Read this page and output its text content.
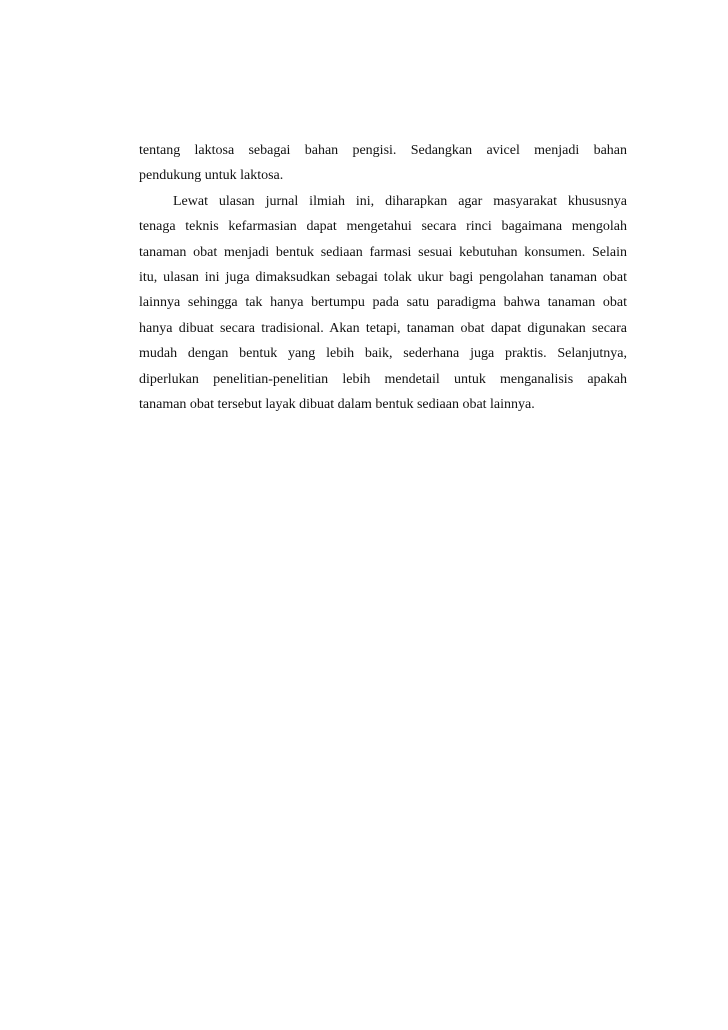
tentang laktosa sebagai bahan pengisi. Sedangkan avicel menjadi bahan
pendukung untuk laktosa.
Lewat ulasan jurnal ilmiah ini, diharapkan agar masyarakat khususnya
tenaga teknis kefarmasian dapat mengetahui secara rinci bagaimana mengolah
tanaman obat menjadi bentuk sediaan farmasi sesuai kebutuhan konsumen. Selain
itu, ulasan ini juga dimaksudkan sebagai tolak ukur bagi pengolahan tanaman obat
lainnya sehingga tak hanya bertumpu pada satu paradigma bahwa tanaman obat
hanya dibuat secara tradisional. Akan tetapi, tanaman obat dapat digunakan secara
mudah dengan bentuk yang lebih baik, sederhana juga praktis. Selanjutnya,
diperlukan penelitian-penelitian lebih mendetail untuk menganalisis apakah
tanaman obat tersebut layak dibuat dalam bentuk sediaan obat lainnya.
